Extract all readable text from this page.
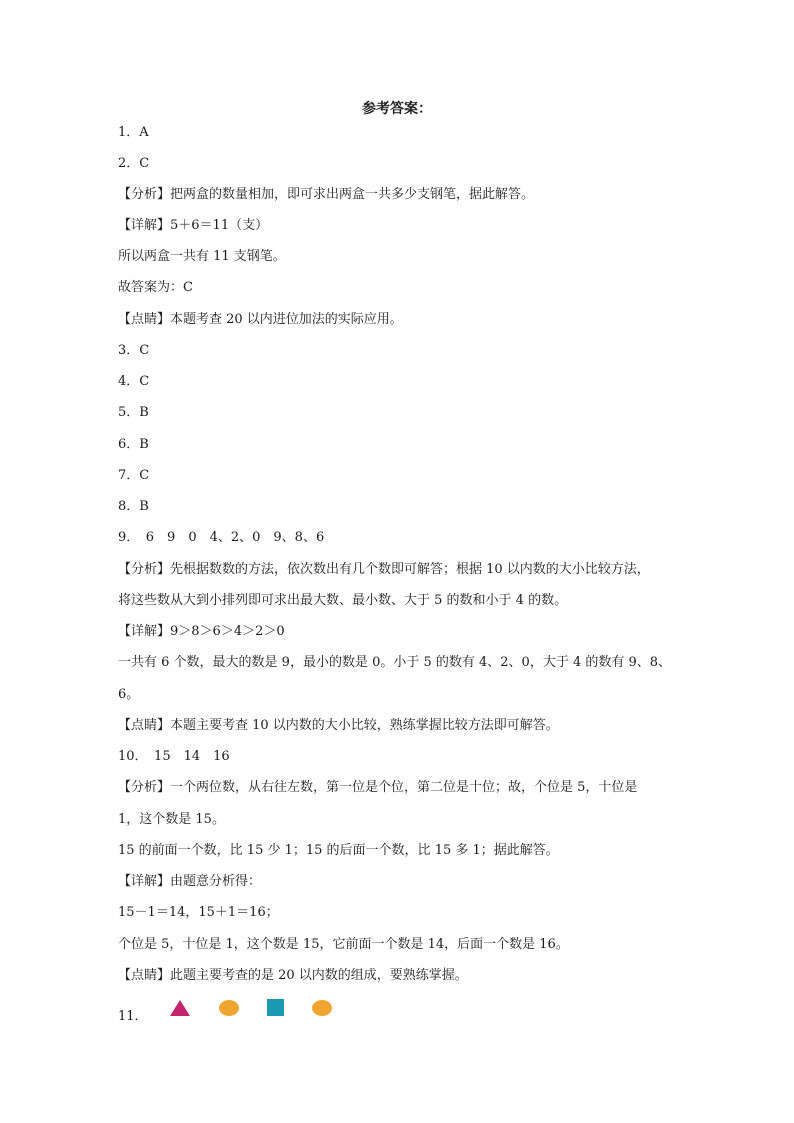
参考答案：
1．A
2．C
【分析】把两盒的数量相加，即可求出两盒一共多少支钢笔，据此解答。
【详解】5＋6＝11（支）
所以两盒一共有 11 支钢笔。
故答案为：C
【点睛】本题考查 20 以内进位加法的实际应用。
3．C
4．C
5．B
6．B
7．C
8．B
9．　6　9　0　4、2、0　9、8、6
【分析】先根据数数的方法，依次数出有几个数即可解答；根据 10 以内数的大小比较方法，
将这些数从大到小排列即可求出最大数、最小数、大于 5 的数和小于 4 的数。
【详解】9＞8＞6＞4＞2＞0
一共有 6 个数，最大的数是 9，最小的数是 0。小于 5 的数有 4、2、0，大于 4 的数有 9、8、
6。
【点睛】本题主要考查 10 以内数的大小比较，熟练掌握比较方法即可解答。
10．　15　14　16
【分析】一个两位数，从右往左数，第一位是个位，第二位是十位；故，个位是 5，十位是
1，这个数是 15。
15 的前面一个数，比 15 少 1；15 的后面一个数，比 15 多 1；据此解答。
【详解】由题意分析得：
15－1＝14，15＋1＝16；
个位是 5，十位是 1，这个数是 15，它前面一个数是 14，后面一个数是 16。
【点睛】此题主要考查的是 20 以内数的组成，要熟练掌握。
11．
